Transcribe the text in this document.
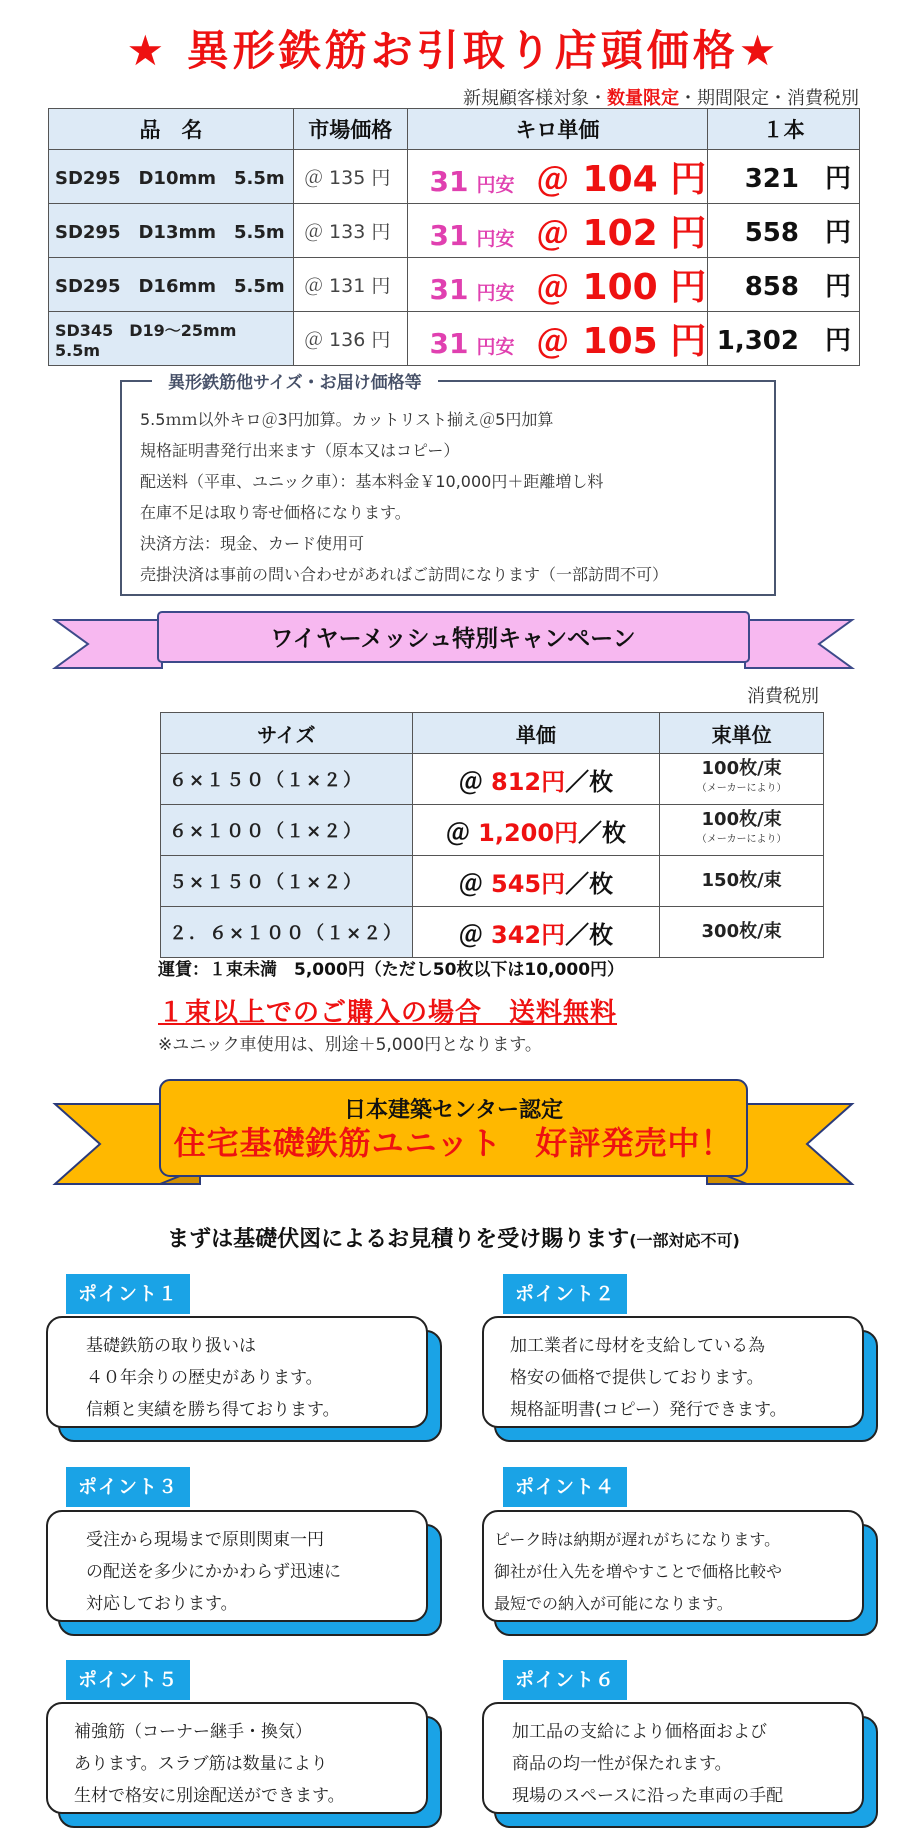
★ 異形鉄筋お引取り店頭価格★
新規顧客様対象・数量限定・期間限定・消費税別
品　名	市場価格	キロ単価	１本
SD295　D10mm　5.5m	＠ 135 円	31 円安 ＠ 104 円	321　円
SD295　D13mm　5.5m	＠ 133 円	31 円安 ＠ 102 円	558　円
SD295　D16mm　5.5m	＠ 131 円	31 円安 ＠ 100 円	858　円
SD345　D19～25mm　5.5m	＠ 136 円	31 円安 ＠ 105 円	1,302　円
異形鉄筋他サイズ・お届け価格等
5.5ｍｍ以外キロ＠3円加算。カットリスト揃え＠5円加算
規格証明書発行出来ます（原本又はコピー）
配送料（平車、ユニック車）：基本料金￥10,000円＋距離増し料
在庫不足は取り寄せ価格になります。
決済方法：現金、カード使用可
売掛決済は事前の問い合わせがあればご訪問になります（一部訪問不可）
ワイヤーメッシュ特別キャンペーン
消費税別
サイズ	単価	束単位
６×１５０（１×２）	＠ 812円／枚	100枚/束
（メーカーにより）

６×１００（１×２）	＠ 1,200円／枚	100枚/束
（メーカーにより）

５×１５０（１×２）	＠ 545円／枚	150枚/束
２．６×１００（１×２）	＠ 342円／枚	300枚/束
運賃：１束未満　5,000円（ただし50枚以下は10,000円）
１束以上でのご購入の場合　送料無料
※ユニック車使用は、別途＋5,000円となります。
日本建築センター認定
住宅基礎鉄筋ユニット　好評発売中！
まずは基礎伏図によるお見積りを受け賜ります(一部対応不可)
ポイント１
基礎鉄筋の取り扱いは
４０年余りの歴史があります。
信頼と実績を勝ち得ております。
ポイント２
加工業者に母材を支給している為
格安の価格で提供しております。
規格証明書(コピー）発行できます。
ポイント３
受注から現場まで原則関東一円
の配送を多少にかかわらず迅速に
対応しております。
ポイント４
ピーク時は納期が遅れがちになります。
御社が仕入先を増やすことで価格比較や
最短での納入が可能になります。
ポイント５
補強筋（コーナー継手・換気）
あります。スラブ筋は数量により
生材で格安に別途配送ができます。
ポイント６
加工品の支給により価格面および
商品の均一性が保たれます。
現場のスペースに沿った車両の手配
